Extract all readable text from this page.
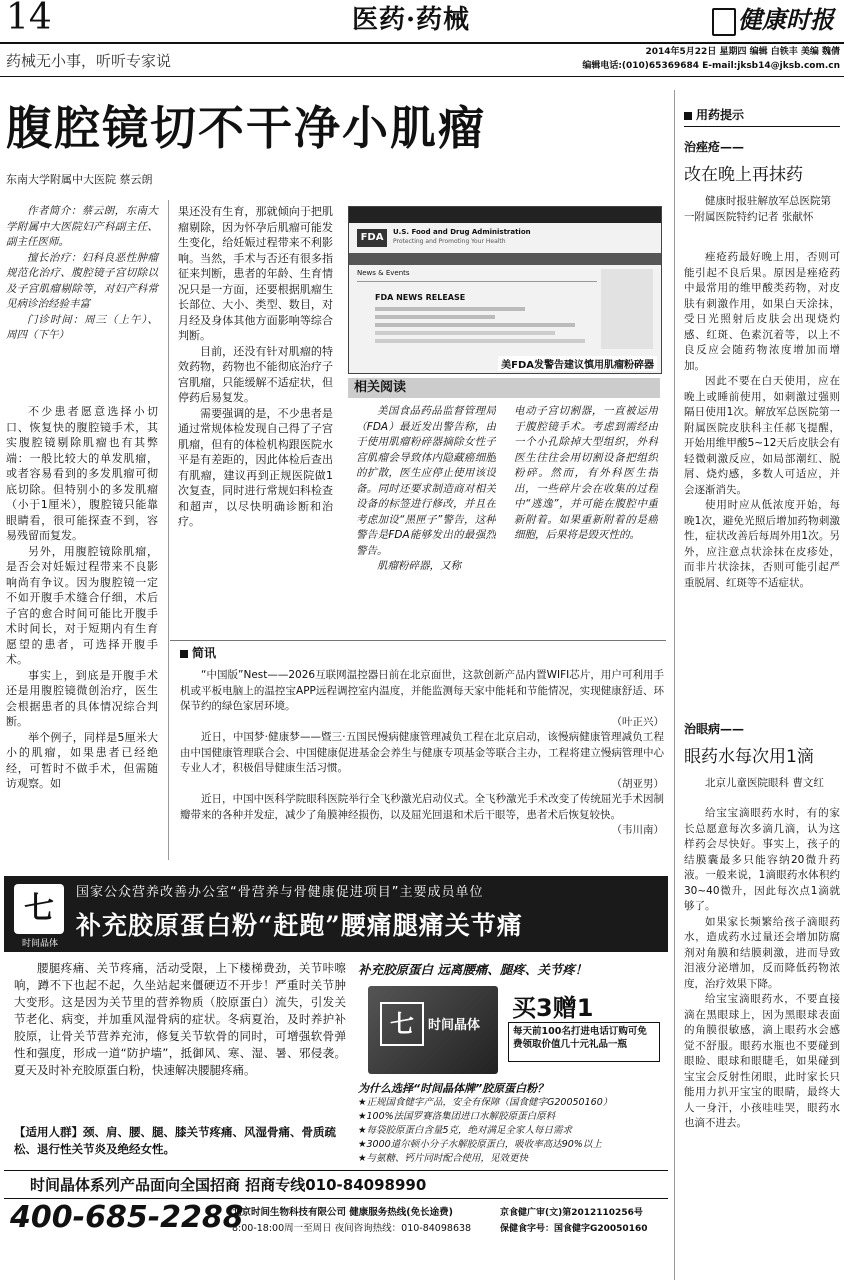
14	医药·药械	健康时报
药械无小事，听听专家说	2014年5月22日 星期四 编辑 白铁丰 美编 魏倩
编辑电话:(010)65369684 E-mail:jksb14@jksb.com.cn
腹腔镜切不干净小肌瘤
东南大学附属中大医院 蔡云朗
作者简介：蔡云朗，东南大学附属中大医院妇产科副主任、副主任医师。
擅长治疗：妇科良恶性肿瘤规范化治疗、腹腔镜子宫切除以及子宫肌瘤剔除等，对妇产科常见病诊治经验丰富
门诊时间：周三（上午）、周四（下午）

不少患者愿意选择小切口、恢复快的腹腔镜手术，其实腹腔镜剔除肌瘤也有其弊端：一般比较大的单发肌瘤，或者容易看到的多发肌瘤可彻底切除。但特别小的多发肌瘤（小于1厘米），腹腔镜只能靠眼睛看，很可能探查不到，容易残留而复发。

另外，用腹腔镜除肌瘤，是否会对妊娠过程带来不良影响尚有争议。因为腹腔镜一定不如开腹手术缝合仔细，术后子宫的愈合时间可能比开腹手术时间长，对于短期内有生育愿望的患者，可选择开腹手术。

事实上，到底是开腹手术还是用腹腔镜微创治疗，医生会根据患者的具体情况综合判断。

举个例子，同样是5厘米大小的肌瘤，如果患者已经绝经，可暂时不做手术，但需随访观察。如

果还没有生育，那就倾向于把肌瘤剔除，因为怀孕后肌瘤可能发生变化，给妊娠过程带来不利影响。当然，手术与否还有很多指征来判断，患者的年龄、生育情况只是一方面，还要根据肌瘤生长部位、大小、类型、数目，对月经及身体其他方面影响等综合判断。

目前，还没有针对肌瘤的特效药物，药物也不能彻底治疗子宫肌瘤，只能缓解不适症状，但停药后易复发。

需要强调的是，不少患者是通过常规体检发现自己得了子宫肌瘤，但有的体检机构跟医院水平是有差距的，因此体检后查出有肌瘤，建议再到正规医院做1次复查，同时进行常规妇科检查和超声，以尽快明确诊断和治疗。

FDA	U.S. Food and Drug Administration
Protecting and Promoting Your Health
News & Events
FDA NEWS RELEASE
美FDA发警告建议慎用肌瘤粉碎器
相关阅读
美国食品药品监督管理局（FDA）最近发出警告称，由于使用肌瘤粉碎器摘除女性子宫肌瘤会导致体内隐藏癌细胞的扩散，医生应停止使用该设备。同时还要求制造商对相关设备的标签进行修改，并且在考虑加设“黑匣子”警告，这种警告是FDA能够发出的最强烈警告。
肌瘤粉碎器，又称
电动子宫切割器，一直被运用于腹腔镜手术。考虑到需经由一个小孔除掉大型组织，外科医生往往会用切割设备把组织粉碎。然而，有外科医生指出，一些碎片会在收集的过程中“逃逸”，并可能在腹腔中重新附着。如果重新附着的是癌细胞，后果将是毁灭性的。
简讯
“中国版”Nest——2026互联网温控器日前在北京面世，这款创新产品内置WIFI芯片，用户可利用手机或平板电脑上的温控宝APP远程调控室内温度，并能监测每天家中能耗和节能情况，实现健康舒适、环保节约的绿色家居环境。
（叶正兴）
近日，中国梦·健康梦——暨三·五国民慢病健康管理减负工程在北京启动，该慢病健康管理减负工程由中国健康管理联合会、中国健康促进基金会养生与健康专项基金等联合主办，工程将建立慢病管理中心专业人才，积极倡导健康生活习惯。
（胡亚男）
近日，中国中医科学院眼科医院举行全飞秒激光启动仪式。全飞秒激光手术改变了传统屈光手术因制瓣带来的各种并发症，减少了角膜神经损伤，以及屈光回退和术后干眼等，患者术后恢复较快。
（韦川南）
用药提示
治痤疮——
改在晚上再抹药
健康时报驻解放军总医院第一附属医院特约记者 张献怀

痤疮药最好晚上用，否则可能引起不良后果。原因是痤疮药中最常用的维甲酸类药物，对皮肤有刺激作用，如果白天涂抹，受日光照射后皮肤会出现烧灼感、红斑、色素沉着等，以上不良反应会随药物浓度增加而增加。

因此不要在白天使用，应在晚上或睡前使用，如刺激过强则隔日使用1次。解放军总医院第一附属医院皮肤科主任郝飞提醒，开始用维甲酸5~12天后皮肤会有轻微刺激反应，如局部潮红、脱屑、烧灼感，多数人可适应，并会逐渐消失。

使用时应从低浓度开始，每晚1次，避免光照后增加药物刺激性，症状改善后每周外用1次。另外，应注意点状涂抹在皮疹处，而非片状涂抹，否则可能引起严重脱屑、红斑等不适症状。

治眼病——
眼药水每次用1滴
北京儿童医院眼科 曹文红

给宝宝滴眼药水时，有的家长总愿意每次多滴几滴，认为这样药会尽快好。事实上，孩子的结膜囊最多只能容纳20微升药液。一般来说，1滴眼药水体积约30~40微升，因此每次点1滴就够了。

如果家长频繁给孩子滴眼药水，造成药水过量还会增加防腐剂对角膜和结膜刺激，进而导致泪液分泌增加，反而降低药物浓度，治疗效果下降。

给宝宝滴眼药水，不要直接滴在黑眼球上，因为黑眼球表面的角膜很敏感，滴上眼药水会感觉不舒服。眼药水瓶也不要碰到眼睑、眼球和眼睫毛，如果碰到宝宝会反射性闭眼，此时家长只能用力扒开宝宝的眼睛，最终大人一身汗，小孩哇哇哭，眼药水也滴不进去。

七
时间晶体
国家公众营养改善办公室“骨营养与骨健康促进项目”主要成员单位
补充胶原蛋白粉“赶跑”腰痛腿痛关节痛
腰腿疼痛、关节疼痛，活动受限，上下楼梯费劲，关节咔嚓响，蹲不下也起不起，久坐站起来僵硬迈不开步！严重时关节肿大变形。这是因为关节里的营养物质（胶原蛋白）流失，引发关节老化、病变，并加重风湿骨病的症状。冬病夏治，及时养护补胶原，让骨关节营养充沛，修复关节软骨的同时，可增强软骨弹性和强度，形成一道“防护墙”，抵御风、寒、湿、暑、邪侵袭。夏天及时补充胶原蛋白粉，快速解决腰腿疼痛。
【适用人群】颈、肩、腰、腿、膝关节疼痛、风湿骨痛、骨质疏松、退行性关节炎及绝经女性。
补充胶原蛋白 远离腰痛、腿疼、关节疼！
七	时间晶体
买3赠1
每天前100名打进电话订购可免费领取价值几十元礼品一瓶
为什么选择“时间晶体牌”胶原蛋白粉？
★正规国食健字产品，安全有保障（国食健字G20050160）
★100%法国罗赛洛集团进口水解胶原蛋白原料
★每袋胶原蛋白含量5克，绝对满足全家人每日需求
★3000道尔顿小分子水解胶原蛋白，吸收率高达90%以上
★与氨糖、钙片同时配合使用，见效更快
时间晶体系列产品面向全国招商 招商专线010-84098990
400-685-2288
北京时间生物科技有限公司 健康服务热线(免长途费)
8:00-18:00周一至周日 夜间咨询热线：010-84098638
京食健广审(文)第2012110256号
保健食字号：国食健字G20050160
